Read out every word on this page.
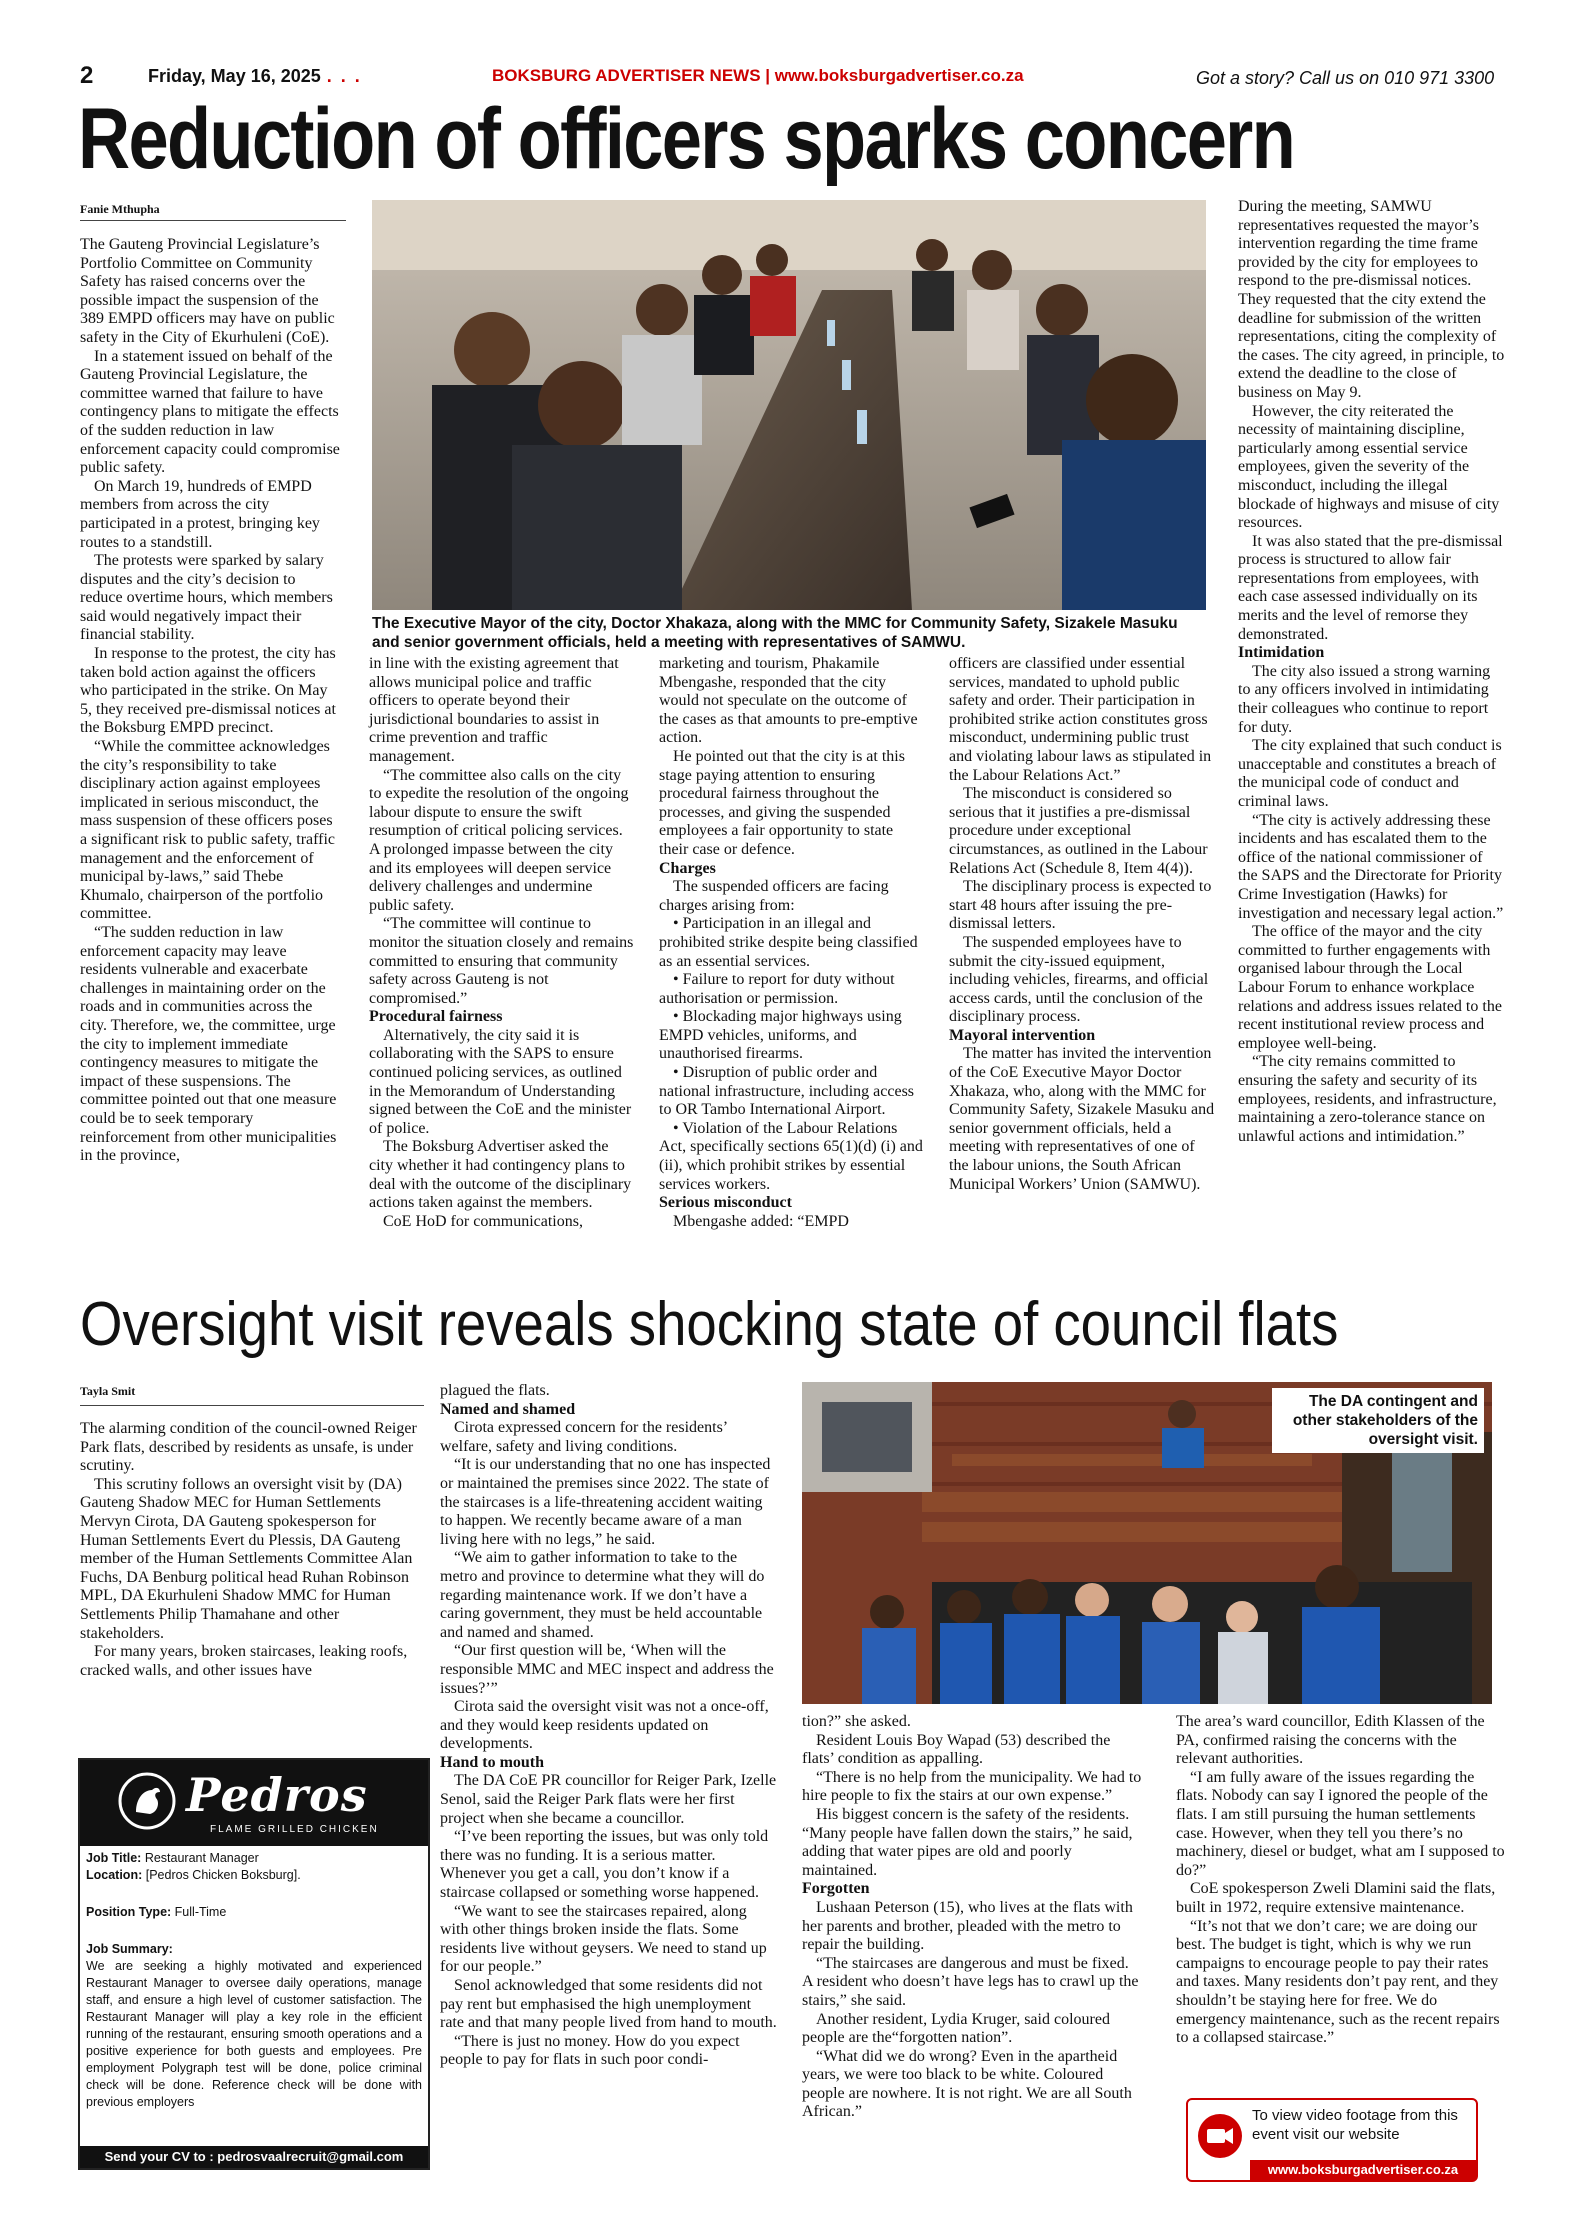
2	Friday, May 16, 2025 . . .	BOKSBURG ADVERTISER NEWS | www.boksburgadvertiser.co.za	Got a story? Call us on 010 971 3300
Reduction of officers sparks concern
Fanie Mthupha
The Executive Mayor of the city, Doctor Xhakaza, along with the MMC for Community Safety, Sizakele Masuku and senior government officials, held a meeting with representatives of SAMWU.

The Gauteng Provincial Legislature’s Portfolio Committee on Community Safety has raised concerns over the possible impact the suspension of the 389 EMPD officers may have on public safety in the City of Ekurhuleni (CoE).

In a statement issued on behalf of the Gauteng Provincial Legislature, the committee warned that failure to have contingency plans to mitigate the effects of the sudden reduction in law enforcement capacity could compromise public safety.

On March 19, hundreds of EMPD members from across the city participated in a protest, bringing key routes to a standstill.

The protests were sparked by salary disputes and the city’s decision to reduce overtime hours, which members said would negatively impact their financial stability.

In response to the protest, the city has taken bold action against the officers who participated in the strike. On May 5, they received pre-dismissal notices at the Boksburg EMPD precinct.

“While the committee acknowledges the city’s responsibility to take disciplinary action against employees implicated in serious misconduct, the mass suspension of these officers poses a significant risk to public safety, traffic management and the enforcement of municipal by-laws,” said Thebe Khumalo, chairperson of the portfolio committee.

“The sudden reduction in law enforcement capacity may leave residents vulnerable and exacerbate challenges in maintaining order on the roads and in communities across the city. Therefore, we, the committee, urge the city to implement immediate contingency measures to mitigate the impact of these suspensions. The committee pointed out that one measure could be to seek temporary reinforcement from other municipalities in the province,

in line with the existing agreement that allows municipal police and traffic officers to operate beyond their jurisdictional boundaries to assist in crime prevention and traffic management.

“The committee also calls on the city to expedite the resolution of the ongoing labour dispute to ensure the swift resumption of critical policing services. A prolonged impasse between the city and its employees will deepen service delivery challenges and undermine public safety.

“The committee will continue to monitor the situation closely and remains committed to ensuring that community safety across Gauteng is not compromised.”

Procedural fairness

Alternatively, the city said it is collaborating with the SAPS to ensure continued policing services, as outlined in the Memorandum of Understanding signed between the CoE and the minister of police.

The Boksburg Advertiser asked the city whether it had contingency plans to deal with the outcome of the disciplinary actions taken against the members.

CoE HoD for communications,

marketing and tourism, Phakamile Mbengashe, responded that the city would not speculate on the outcome of the cases as that amounts to pre-emptive action.

He pointed out that the city is at this stage paying attention to ensuring procedural fairness throughout the processes, and giving the suspended employees a fair opportunity to state their case or defence.

Charges

The suspended officers are facing charges arising from:

• Participation in an illegal and prohibited strike despite being classified as an essential services.

• Failure to report for duty without authorisation or permission.

• Blockading major highways using EMPD vehicles, uniforms, and unauthorised firearms.

• Disruption of public order and national infrastructure, including access to OR Tambo International Airport.

• Violation of the Labour Relations Act, specifically sections 65(1)(d) (i) and (ii), which prohibit strikes by essential services workers.

Serious misconduct

Mbengashe added: “EMPD

officers are classified under essential services, mandated to uphold public safety and order. Their participation in prohibited strike action constitutes gross misconduct, undermining public trust and violating labour laws as stipulated in the Labour Relations Act.”

The misconduct is considered so serious that it justifies a pre-dismissal procedure under exceptional circumstances, as outlined in the Labour Relations Act (Schedule 8, Item 4(4)).

The disciplinary process is expected to start 48 hours after issuing the pre-dismissal letters.

The suspended employees have to submit the city-issued equipment, including vehicles, firearms, and official access cards, until the conclusion of the disciplinary process.

Mayoral intervention

The matter has invited the intervention of the CoE Executive Mayor Doctor Xhakaza, who, along with the MMC for Community Safety, Sizakele Masuku and senior government officials, held a meeting with representatives of one of the labour unions, the South African Municipal Workers’ Union (SAMWU).

During the meeting, SAMWU representatives requested the mayor’s intervention regarding the time frame provided by the city for employees to respond to the pre-dismissal notices. They requested that the city extend the deadline for submission of the written representations, citing the complexity of the cases. The city agreed, in principle, to extend the deadline to the close of business on May 9.

However, the city reiterated the necessity of maintaining discipline, particularly among essential service employees, given the severity of the misconduct, including the illegal blockade of highways and misuse of city resources.

It was also stated that the pre-dismissal process is structured to allow fair representations from employees, with each case assessed individually on its merits and the level of remorse they demonstrated.

Intimidation

The city also issued a strong warning to any officers involved in intimidating their colleagues who continue to report for duty.

The city explained that such conduct is unacceptable and constitutes a breach of the municipal code of conduct and criminal laws.

“The city is actively addressing these incidents and has escalated them to the office of the national commissioner of the SAPS and the Directorate for Priority Crime Investigation (Hawks) for investigation and necessary legal action.”

The office of the mayor and the city committed to further engagements with organised labour through the Local Labour Forum to enhance workplace relations and address issues related to the recent institutional review process and employee well-being.

“The city remains committed to ensuring the safety and security of its employees, residents, and infrastructure, maintaining a zero-tolerance stance on unlawful actions and intimidation.”

Oversight visit reveals shocking state of council flats
Tayla Smit

The alarming condition of the council-owned Reiger Park flats, described by residents as unsafe, is under scrutiny.

This scrutiny follows an oversight visit by (DA) Gauteng Shadow MEC for Human Settlements Mervyn Cirota, DA Gauteng spokesperson for Human Settlements Evert du Plessis, DA Gauteng member of the Human Settlements Committee Alan Fuchs, DA Benburg political head Ruhan Robinson MPL, DA Ekurhuleni Shadow MMC for Human Settlements Philip Thamahane and other stakeholders.

For many years, broken staircases, leaking roofs, cracked walls, and other issues have

plagued the flats.

Named and shamed

Cirota expressed concern for the residents’ welfare, safety and living conditions.

“It is our understanding that no one has inspected or maintained the premises since 2022. The state of the staircases is a life-threatening accident waiting to happen. We recently became aware of a man living here with no legs,” he said.

“We aim to gather information to take to the metro and province to determine what they will do regarding maintenance work. If we don’t have a caring government, they must be held accountable and named and shamed.

“Our first question will be, ‘When will the responsible MMC and MEC inspect and address the issues?’”

Cirota said the oversight visit was not a once-off, and they would keep residents updated on developments.

Hand to mouth

The DA CoE PR councillor for Reiger Park, Izelle Senol, said the Reiger Park flats were her first project when she became a councillor.

“I’ve been reporting the issues, but was only told there was no funding. It is a serious matter. Whenever you get a call, you don’t know if a staircase collapsed or something worse happened.

“We want to see the staircases repaired, along with other things broken inside the flats. Some residents live without geysers. We need to stand up for our people.”

Senol acknowledged that some residents did not pay rent but emphasised the high unemployment rate and that many people lived from hand to mouth.

“There is just no money. How do you expect people to pay for flats in such poor condi-

tion?” she asked.

Resident Louis Boy Wapad (53) described the flats’ condition as appalling.

“There is no help from the municipality. We had to hire people to fix the stairs at our own expense.”

His biggest concern is the safety of the residents. “Many people have fallen down the stairs,” he said, adding that water pipes are old and poorly maintained.

Forgotten

Lushaan Peterson (15), who lives at the flats with her parents and brother, pleaded with the metro to repair the building.

“The staircases are dangerous and must be fixed. A resident who doesn’t have legs has to crawl up the stairs,” she said.

Another resident, Lydia Kruger, said coloured people are the“forgotten nation”.

“What did we do wrong? Even in the apartheid years, we were too black to be white. Coloured people are nowhere. It is not right. We are all South African.”

The area’s ward councillor, Edith Klassen of the PA, confirmed raising the concerns with the relevant authorities.

“I am fully aware of the issues regarding the flats. Nobody can say I ignored the people of the flats. I am still pursuing the human settlements case. However, when they tell you there’s no machinery, diesel or budget, what am I supposed to do?”

CoE spokesperson Zweli Dlamini said the flats, built in 1972, require extensive maintenance.

“It’s not that we don’t care; we are doing our best. The budget is tight, which is why we run campaigns to encourage people to pay their rates and taxes. Many residents don’t pay rent, and they shouldn’t be staying here for free. We do emergency maintenance, such as the recent repairs to a collapsed staircase.”

The DA contingent and other stakeholders of the oversight visit.
Pedros
FLAME GRILLED CHICKEN
Job Title: Restaurant Manager
Location: [Pedros Chicken Boksburg].
Position Type: Full-Time
Job Summary:
We are seeking a highly motivated and experienced Restaurant Manager to oversee daily operations, manage staff, and ensure a high level of customer satisfaction. The Restaurant Manager will play a key role in the efficient running of the restaurant, ensuring smooth operations and a positive experience for both guests and employees. Pre employment Polygraph test will be done, police criminal check will be done. Reference check will be done with previous employers
Send your CV to : pedrosvaalrecruit@gmail.com
To view video footage from this event visit our website
www.boksburgadvertiser.co.za
